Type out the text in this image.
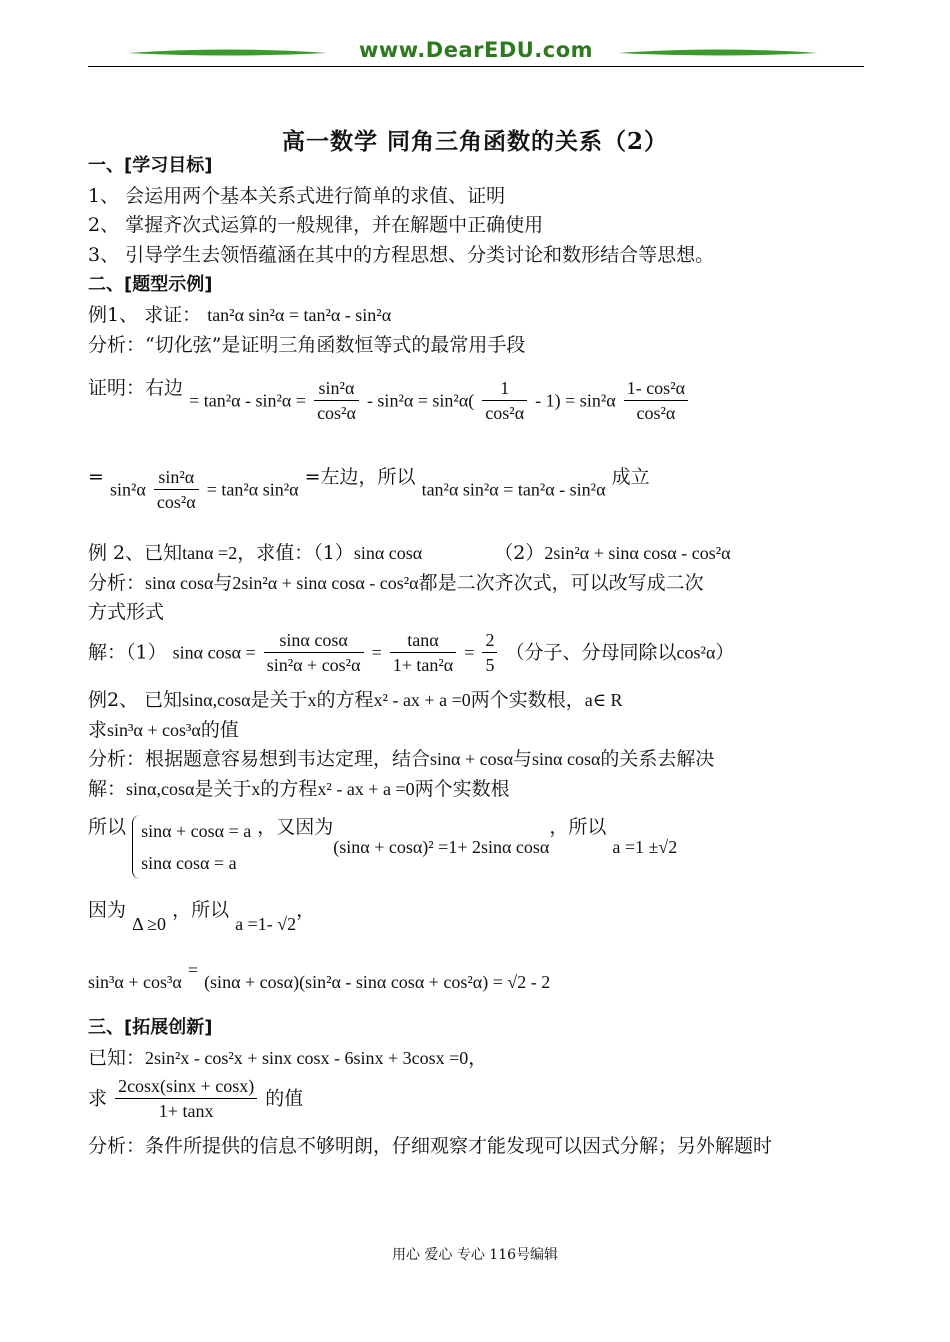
www.DearEDU.com
高一数学 同角三角函数的关系（2）
一、[学习目标]
1、 会运用两个基本关系式进行简单的求值、证明
2、 掌握齐次式运算的一般规律，并在解题中正确使用
3、 引导学生去领悟蕴涵在其中的方程思想、分类讨论和数形结合等思想。
二、[题型示例]
例1、 求证： tan²α sin²α = tan²α - sin²α
分析：“切化弦”是证明三角函数恒等式的最常用手段
证明：右边 = $\tan^2\alpha - \sin^2\alpha = \frac{\text{sin²α}}{\text{cos²α}} - \sin^2\alpha = \sin^2\alpha( \frac{1}{\text{cos²α}} - 1) = \sin^2\alpha \frac{\text{1- cos²α}}{\text{cos²α}}$
= $\sin^2\alpha \frac{\text{sin²α}}{\text{cos²α}} = \tan^2\alpha$ sin²α =左边，所以 tan²α sin²α = tan²α - sin²α 成立
例 2、已知tanα =2，求值：（1）sinα cosα	（2）2sin²α + sinα cosα - cos²α
分析：sinα cosα与2sin²α + sinα cosα - cos²α都是二次齐次式，可以改写成二次
方式形式
解：（1） sinα $\cos\alpha = \frac{\text{sinα cosα}}{\text{sin²α + cos²α}} = \frac{\tan\alpha}{\text{1+ tan²α}} = \frac{2}{5}$ （分子、分母同除以cos²α）
例2、 已知sinα,cosα是关于x的方程x² - ax + a =0两个实数根，a∈ R
求sin³α + cos³α的值
分析：根据题意容易想到韦达定理，结合sinα + cosα与sinα cosα的关系去解决
解：sinα,cosα是关于x的方程x² - ax + a =0两个实数根
所以 sinα + cosα = a
sinα cosα = a
，又因为(sinα + cosα)² =1+ 2sinα cosα，所以 a =1 ±√2
因为 Δ ≥0 ，所以 a =1- √2，
sin³α + cos³α = (sinα + cosα)(sin²α - sinα cosα + cos²α) = √2 - 2
三、[拓展创新]
已知：2sin²x - cos²x + sinx cosx - 6sinx + 3cosx =0，
求 $\frac{2\cos x(\sin x + \cos x)}{1+ \tan x}$ 的值
分析：条件所提供的信息不够明朗，仔细观察才能发现可以因式分解；另外解题时
用心 爱心 专心 116号编辑
